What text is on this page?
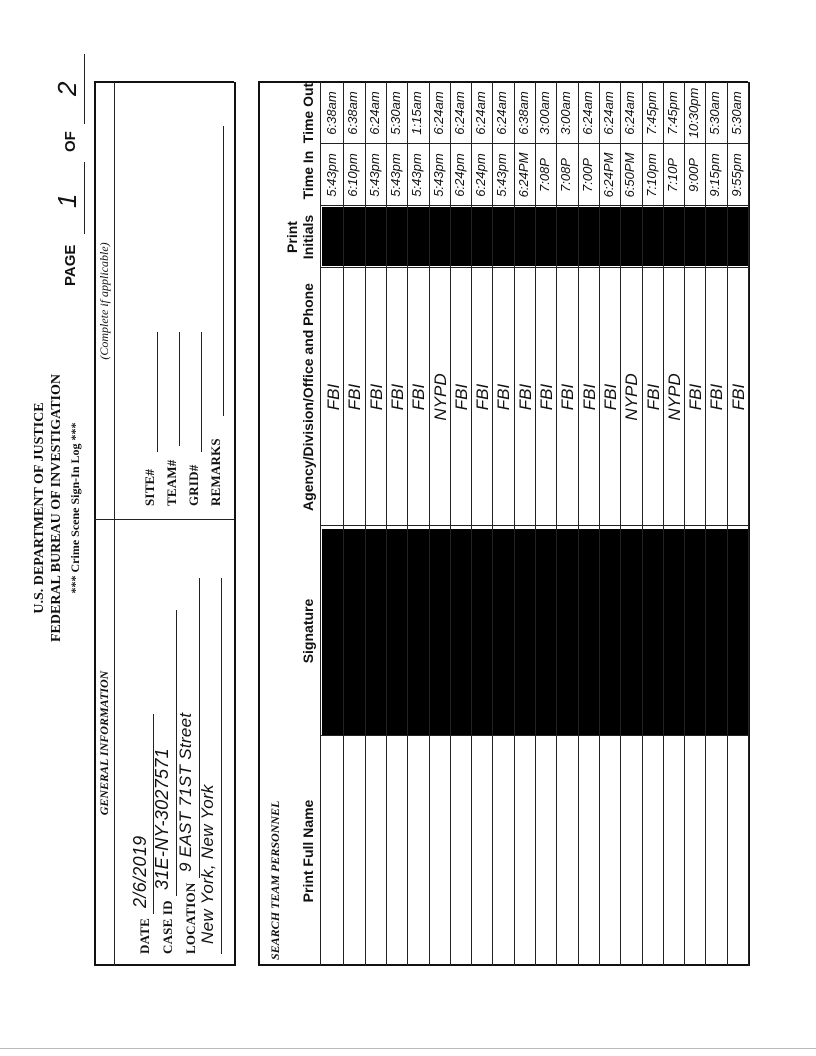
U.S. DEPARTMENT OF JUSTICE FEDERAL BUREAU OF INVESTIGATION *** Crime Scene Sign-In Log ***
PAGE
1
OF
2
GENERAL INFORMATION
(Complete if applicable)
DATE
2/6/2019
CASE ID
31E-NY-3027571
LOCATION
9 EAST 71ST Street New York, New York
SITE# TEAM# GRID# REMARKS
SEARCH TEAM PERSONNEL Print Full Name
Signature
Agency/Division/Office and Phone
Print Initials
Time In
Time Out
FBI
5:43pm
6:38am
FBI
6:10pm
6:38am
FBI
5:43pm
6:24am
FBI
5:43pm
5:30am
FBI
5:43pm
1:15am
NYPD
5:43pm
6:24am
FBI
6:24pm
6:24am
FBI
6:24pm
6:24am
FBI
5:43pm
6:24am
FBI
6:24PM
6:38am
FBI
7:08P
3:00am
FBI
7:08P
3:00am
FBI
7:00P
6:24am
FBI
6:24PM
6:24am
NYPD
6:50PM
6:24am
FBI
7:10pm
7:45pm
NYPD
7:10P
7:45pm
FBI
9:00P
10:30pm
FBI
9:15pm
5:30am
FBI
9:55pm
5:30am
